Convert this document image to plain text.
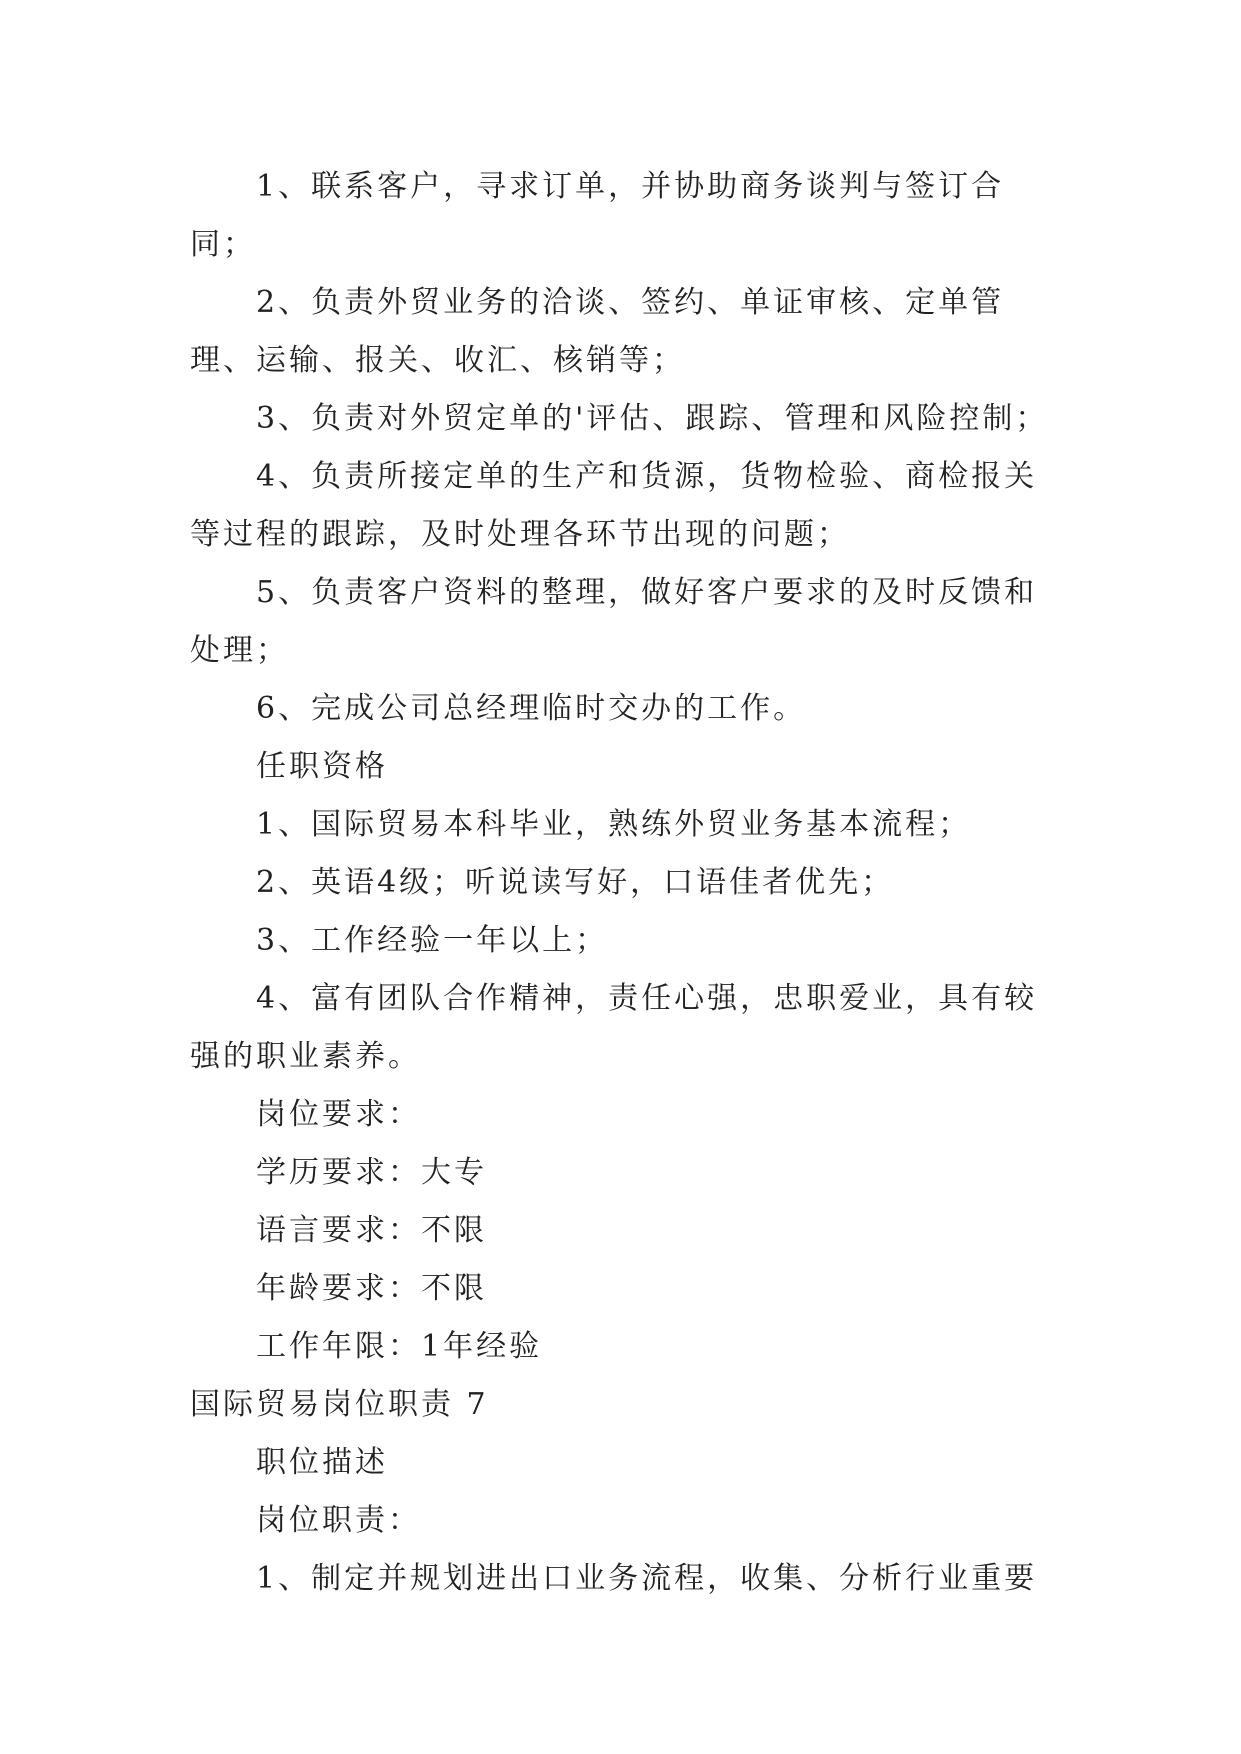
1、联系客户，寻求订单，并协助商务谈判与签订合同；

2、负责外贸业务的洽谈、签约、单证审核、定单管理、运输、报关、收汇、核销等；

3、负责对外贸定单的'评估、跟踪、管理和风险控制；

4、负责所接定单的生产和货源，货物检验、商检报关等过程的跟踪，及时处理各环节出现的问题；

5、负责客户资料的整理，做好客户要求的及时反馈和处理；

6、完成公司总经理临时交办的工作。

任职资格

1、国际贸易本科毕业，熟练外贸业务基本流程；

2、英语4级；听说读写好，口语佳者优先；

3、工作经验一年以上；

4、富有团队合作精神，责任心强，忠职爱业，具有较强的职业素养。

岗位要求：

学历要求：大专

语言要求：不限

年龄要求：不限

工作年限：1年经验

国际贸易岗位职责 7

职位描述

岗位职责：

1、制定并规划进出口业务流程，收集、分析行业重要
